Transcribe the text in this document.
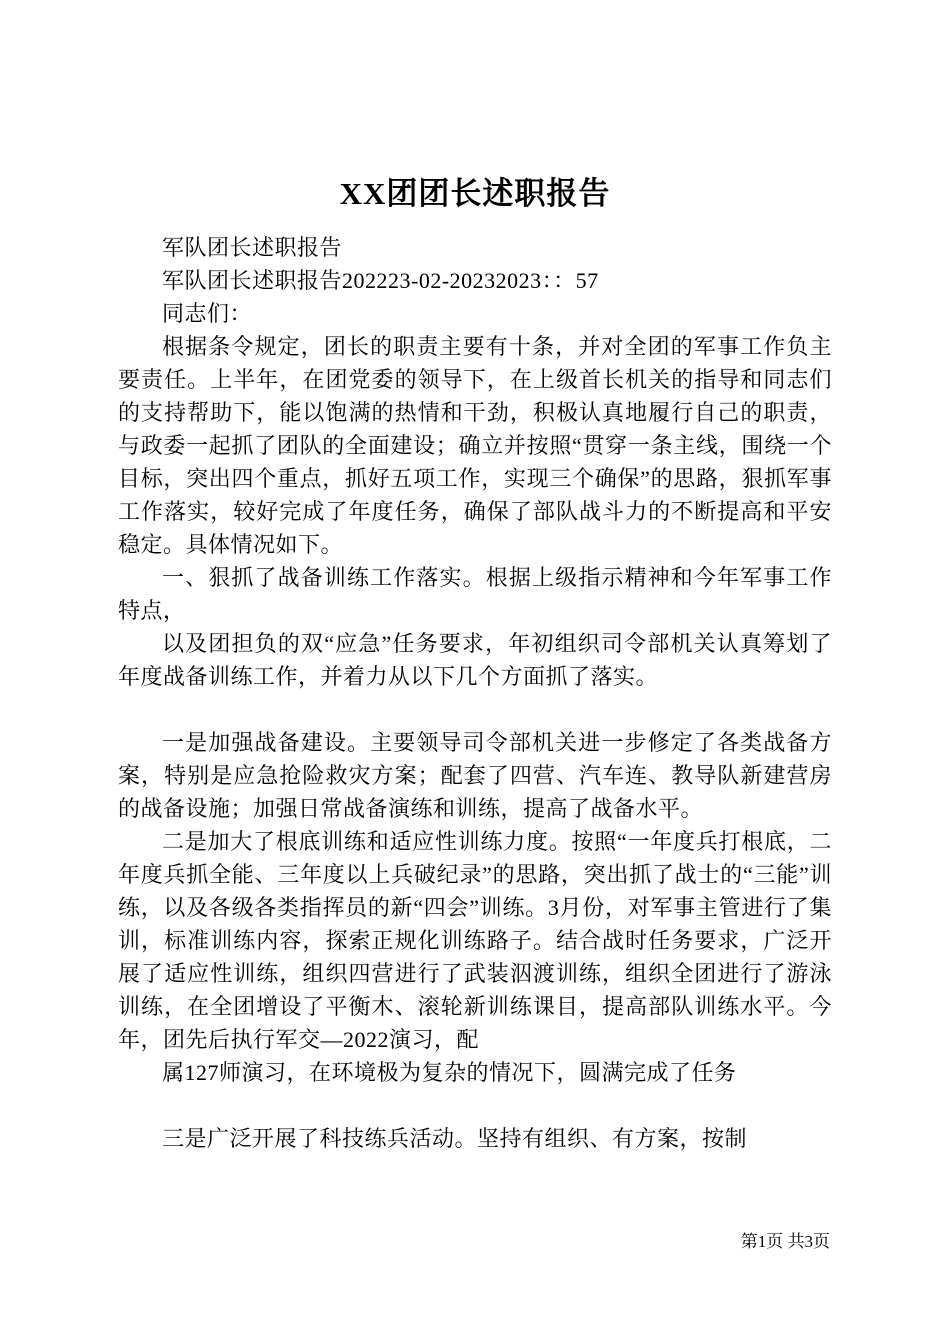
XX团团长述职报告

军队团长述职报告

军队团长述职报告202223-02-20232023：：57

同志们：

根据条令规定，团长的职责主要有十条，并对全团的军事工作负主要责任。上半年，在团党委的领导下，在上级首长机关的指导和同志们的支持帮助下，能以饱满的热情和干劲，积极认真地履行自己的职责，与政委一起抓了团队的全面建设；确立并按照“贯穿一条主线，围绕一个目标，突出四个重点，抓好五项工作，实现三个确保”的思路，狠抓军事工作落实，较好完成了年度任务，确保了部队战斗力的不断提高和平安稳定。具体情况如下。

一、狠抓了战备训练工作落实。根据上级指示精神和今年军事工作特点，

以及团担负的双“应急”任务要求，年初组织司令部机关认真筹划了年度战备训练工作，并着力从以下几个方面抓了落实。

一是加强战备建设。主要领导司令部机关进一步修定了各类战备方案，特别是应急抢险救灾方案；配套了四营、汽车连、教导队新建营房的战备设施；加强日常战备演练和训练，提高了战备水平。

二是加大了根底训练和适应性训练力度。按照“一年度兵打根底，二年度兵抓全能、三年度以上兵破纪录”的思路，突出抓了战士的“三能”训练，以及各级各类指挥员的新“四会”训练。3月份，对军事主管进行了集训，标准训练内容，探索正规化训练路子。结合战时任务要求，广泛开展了适应性训练，组织四营进行了武装泅渡训练，组织全团进行了游泳训练，在全团增设了平衡木、滚轮新训练课目，提高部队训练水平。今年，团先后执行军交—2022演习，配

属127师演习，在环境极为复杂的情况下，圆满完成了任务

三是广泛开展了科技练兵活动。坚持有组织、有方案，按制

第1页 共3页
